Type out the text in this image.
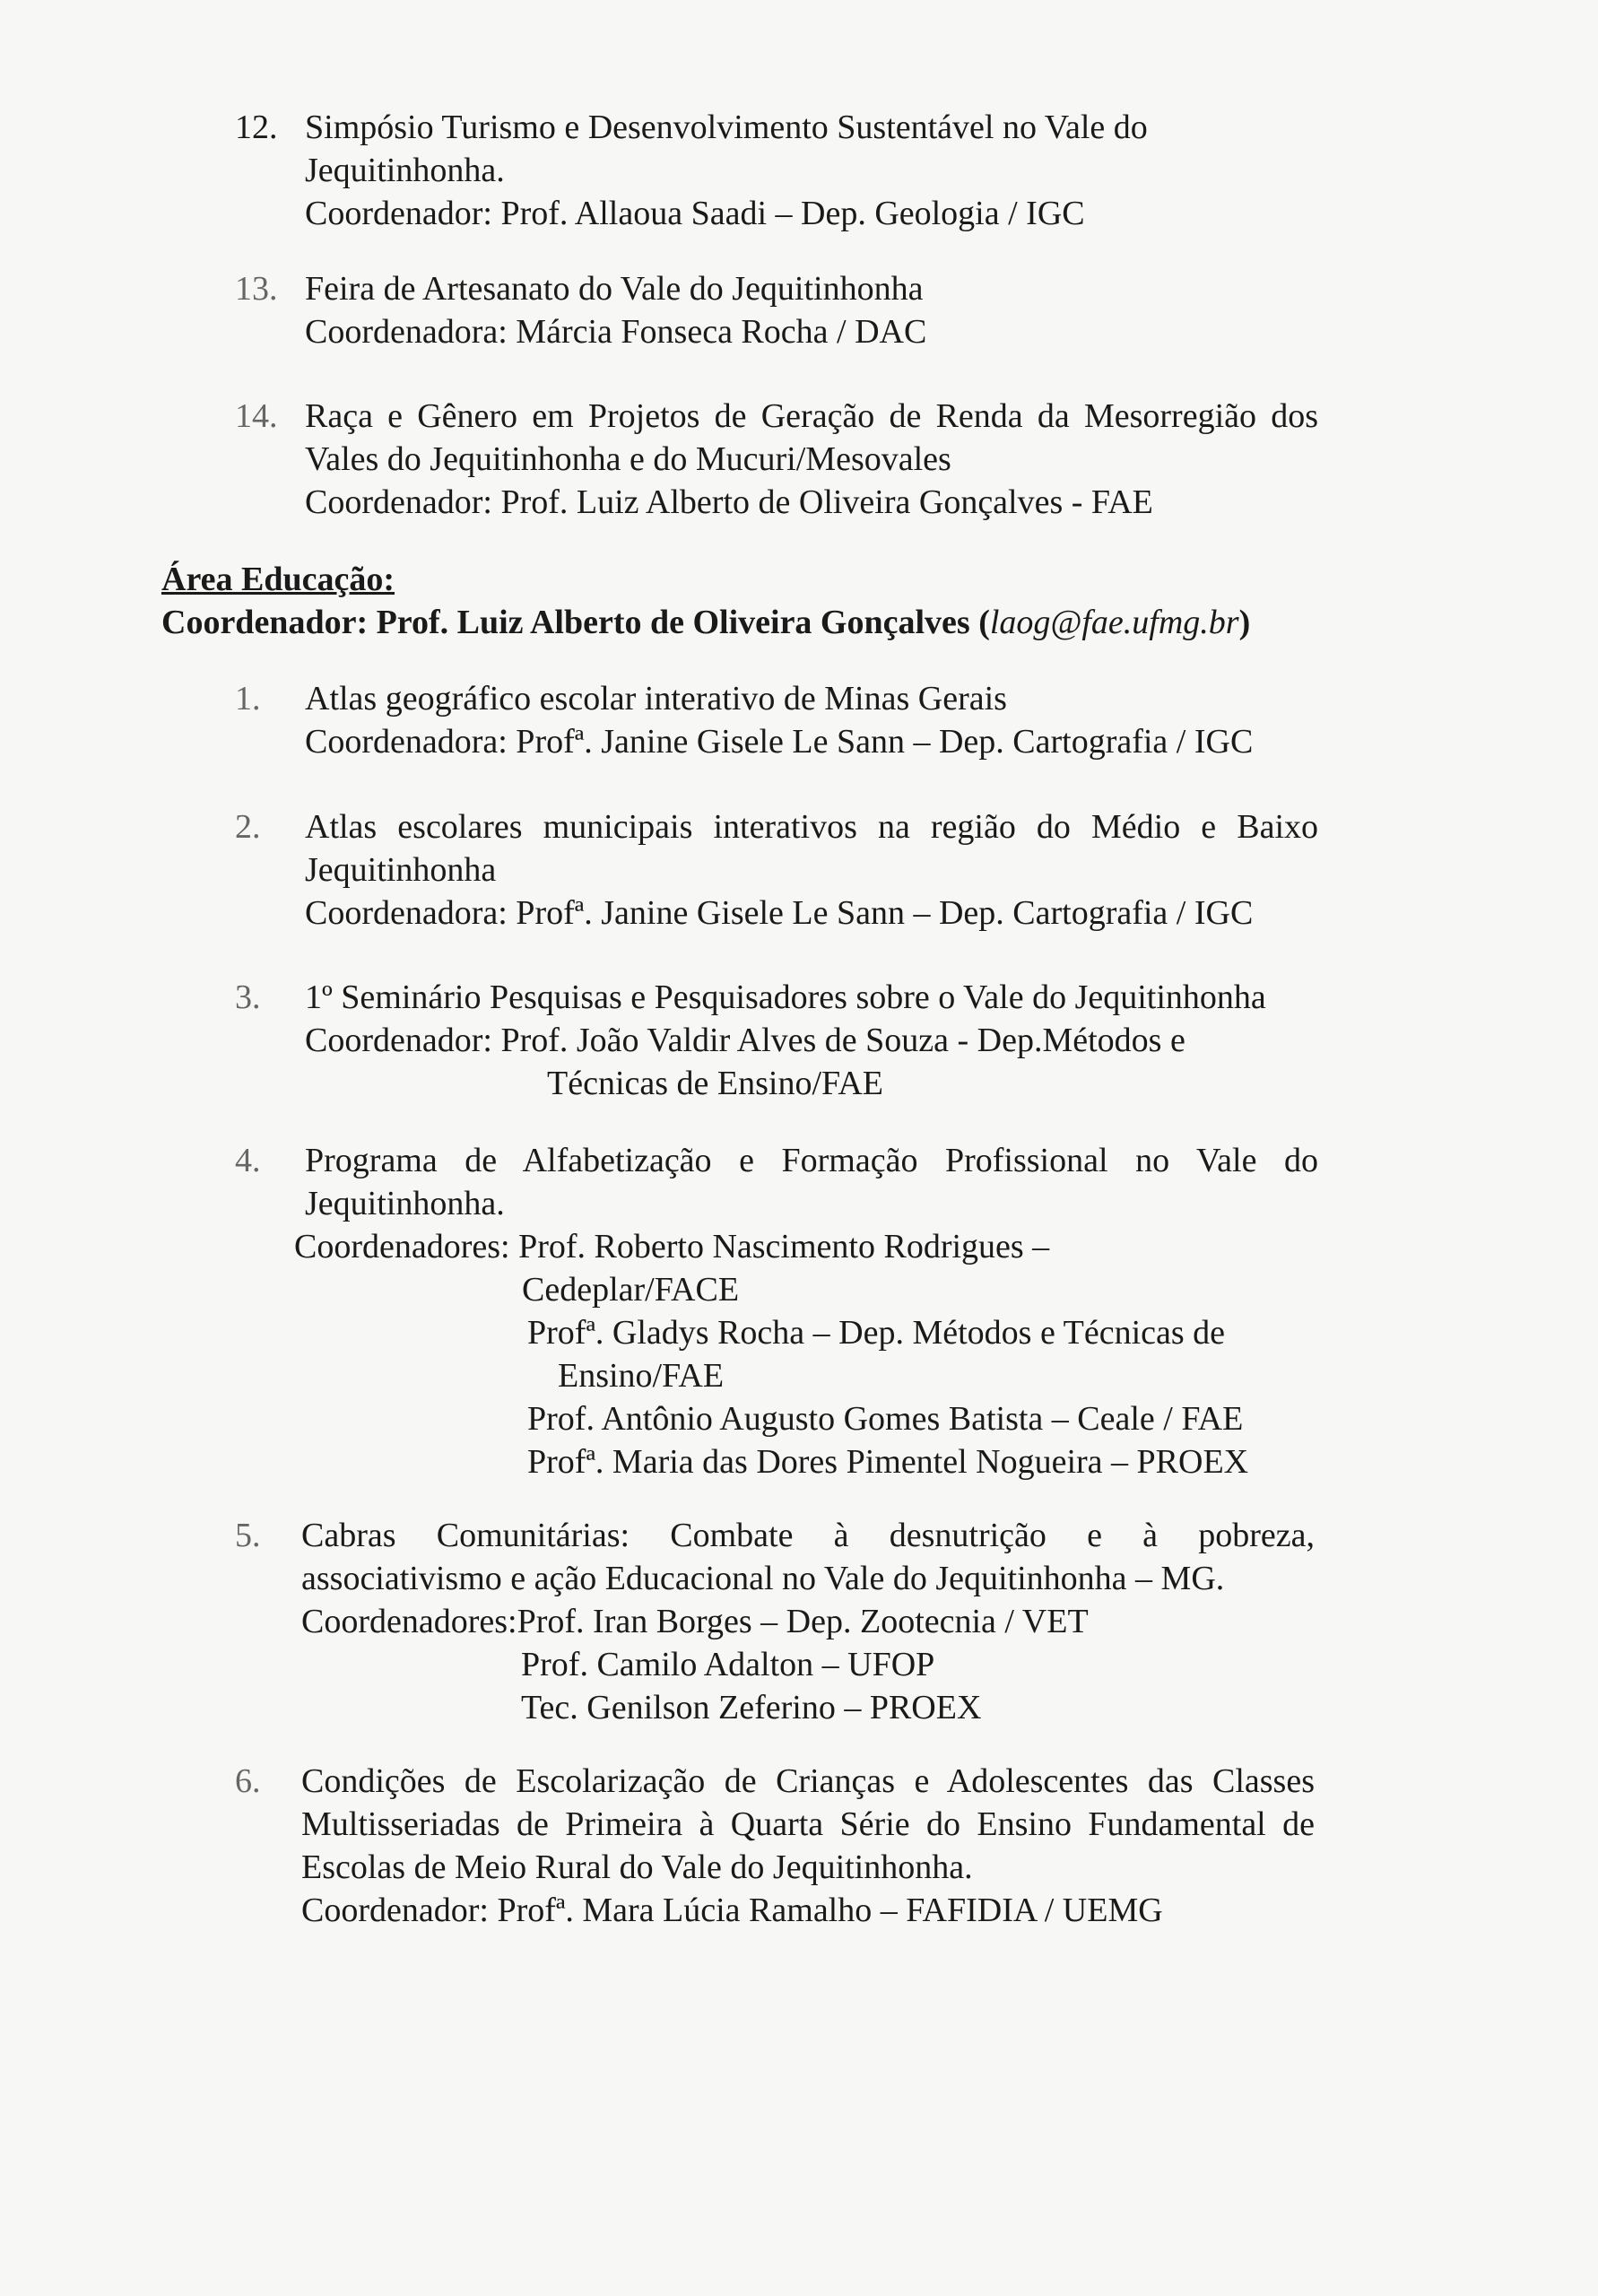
12. Simpósio Turismo e Desenvolvimento Sustentável no Vale do
Jequitinhonha.
Coordenador: Prof. Allaoua Saadi – Dep. Geologia / IGC
13. Feira de Artesanato do Vale do Jequitinhonha
Coordenadora: Márcia Fonseca Rocha / DAC
14. Raça e Gênero em Projetos de Geração de Renda da Mesorregião dos
Vales do Jequitinhonha e do Mucuri/Mesovales
Coordenador: Prof. Luiz Alberto de Oliveira Gonçalves - FAE
Área Educação:
Coordenador: Prof. Luiz Alberto de Oliveira Gonçalves (laog@fae.ufmg.br)
1. Atlas geográfico escolar interativo de Minas Gerais
Coordenadora: Profª. Janine Gisele Le Sann – Dep. Cartografia / IGC
2. Atlas escolares municipais interativos na região do Médio e Baixo
Jequitinhonha
Coordenadora: Profª. Janine Gisele Le Sann – Dep. Cartografia / IGC
3. 1º Seminário Pesquisas e Pesquisadores sobre o Vale do Jequitinhonha
Coordenador: Prof. João Valdir Alves de Souza - Dep.Métodos e
Técnicas de Ensino/FAE
4. Programa de Alfabetização e Formação Profissional no Vale do
Jequitinhonha.
Coordenadores: Prof. Roberto Nascimento Rodrigues –
Cedeplar/FACE
Profª. Gladys Rocha – Dep. Métodos e Técnicas de
Ensino/FAE
Prof. Antônio Augusto Gomes Batista – Ceale / FAE
Profª. Maria das Dores Pimentel Nogueira – PROEX
5. Cabras Comunitárias: Combate à desnutrição e à pobreza,
associativismo e ação Educacional no Vale do Jequitinhonha – MG.
Coordenadores:Prof. Iran Borges – Dep. Zootecnia / VET
Prof. Camilo Adalton – UFOP
Tec. Genilson Zeferino – PROEX
6. Condições de Escolarização de Crianças e Adolescentes das Classes
Multisseriadas de Primeira à Quarta Série do Ensino Fundamental de
Escolas de Meio Rural do Vale do Jequitinhonha.
Coordenador: Profª. Mara Lúcia Ramalho – FAFIDIA / UEMG
